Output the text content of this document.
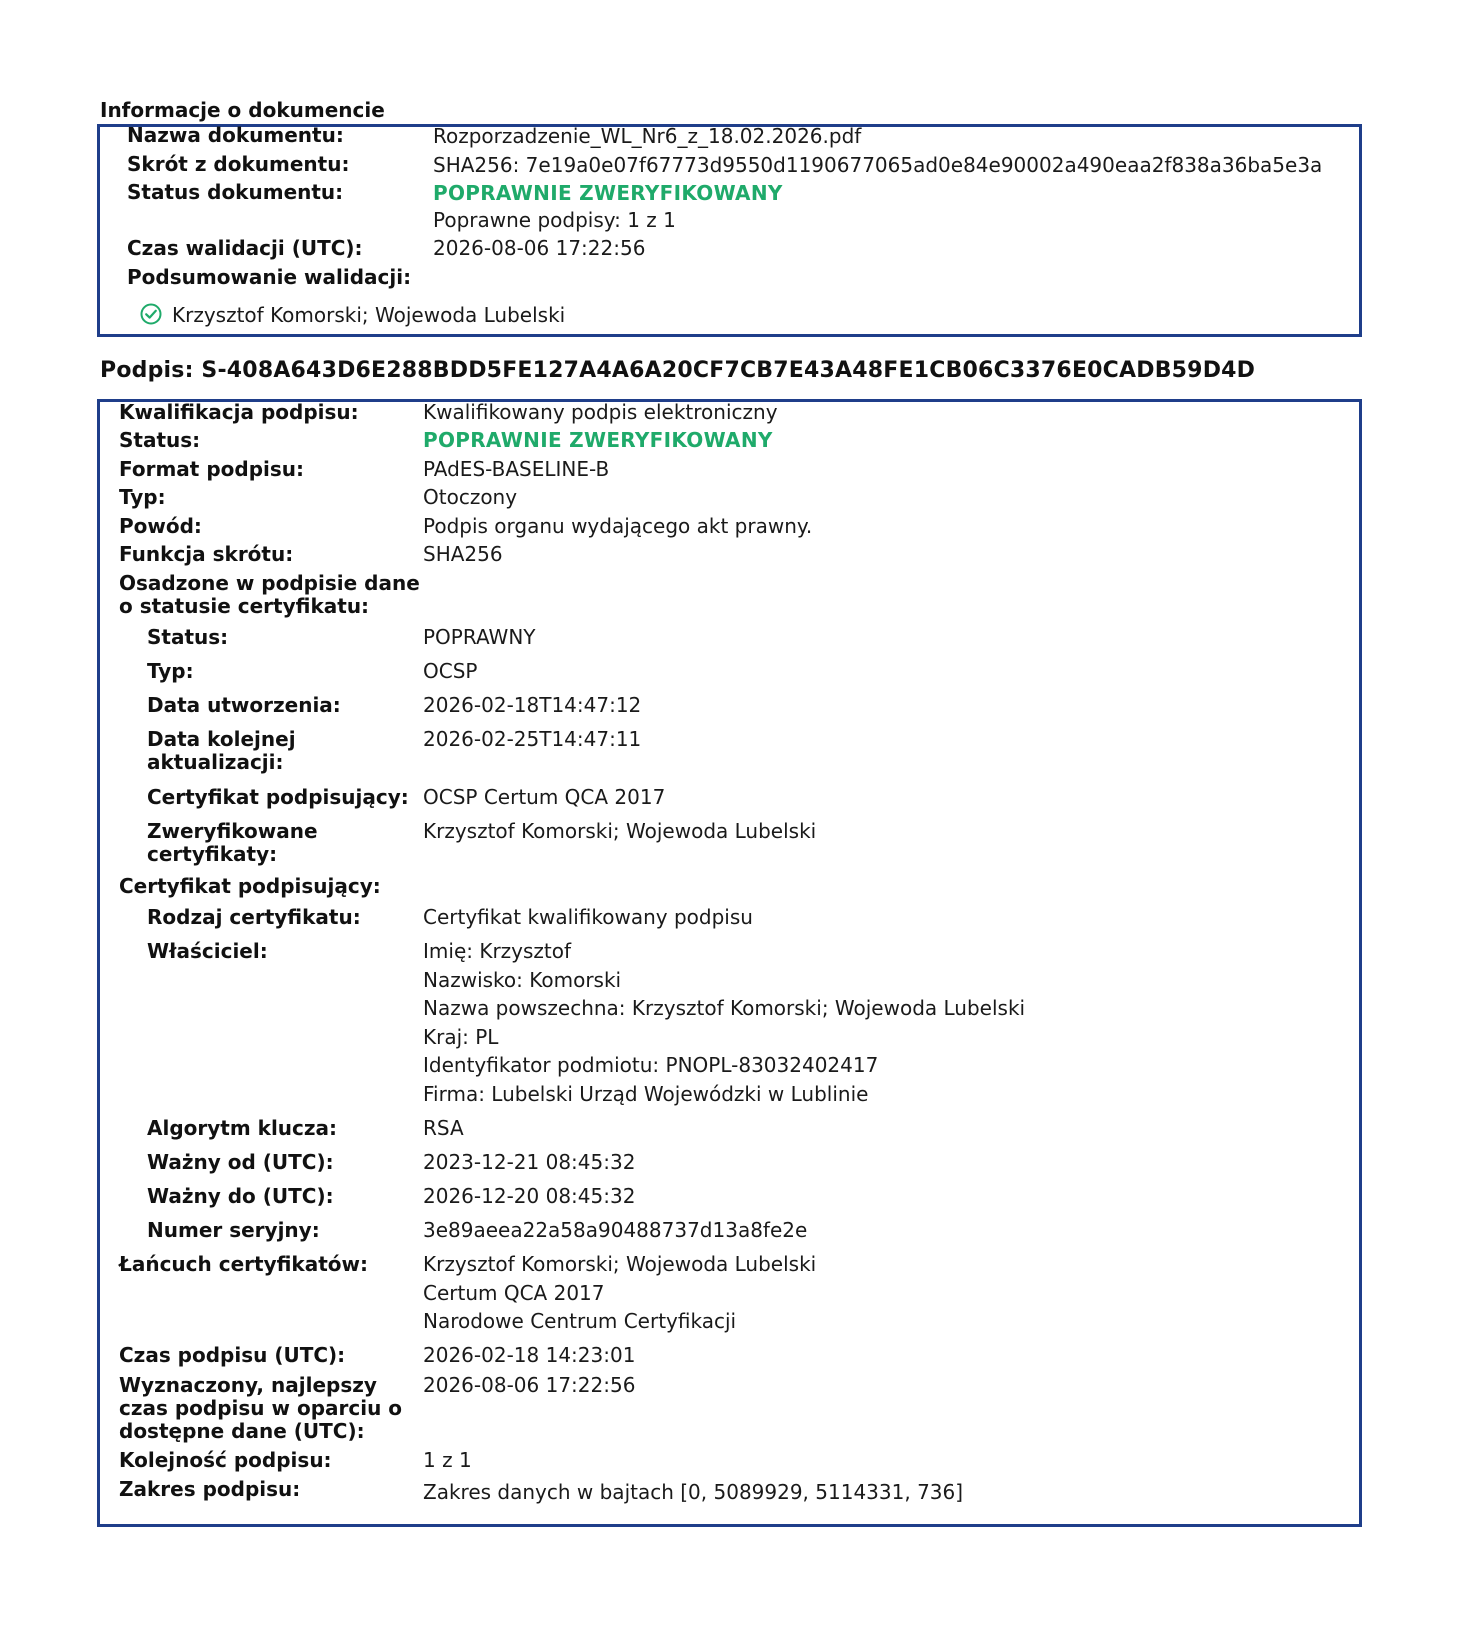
Informacje o dokumencie
Nazwa dokumentu:	Rozporzadzenie_WL_Nr6_z_18.02.2026.pdf
Skrót z dokumentu:	SHA256: 7e19a0e07f67773d9550d1190677065ad0e84e90002a490eaa2f838a36ba5e3a
Status dokumentu:	POPRAWNIE ZWERYFIKOWANY
Poprawne podpisy: 1 z 1
Czas walidacji (UTC):	2026-08-06 17:22:56
Podsumowanie walidacji:
Krzysztof Komorski; Wojewoda Lubelski
Podpis: S-408A643D6E288BDD5FE127A4A6A20CF7CB7E43A48FE1CB06C3376E0CADB59D4D
Kwalifikacja podpisu:	Kwalifikowany podpis elektroniczny
Status:	POPRAWNIE ZWERYFIKOWANY
Format podpisu:	PAdES-BASELINE-B
Typ:	Otoczony
Powód:	Podpis organu wydającego akt prawny.
Funkcja skrótu:	SHA256
Osadzone w podpisie dane
o statusie certyfikatu:
Status:	POPRAWNY
Typ:	OCSP
Data utworzenia:	2026-02-18T14:47:12
Data kolejnej
aktualizacji:
2026-02-25T14:47:11
Certyfikat podpisujący: OCSP Certum QCA 2017
Zweryfikowane
certyfikaty:
Krzysztof Komorski; Wojewoda Lubelski
Certyfikat podpisujący:
Rodzaj certyfikatu:	Certyfikat kwalifikowany podpisu
Właściciel:	Imię: Krzysztof
Nazwisko: Komorski
Nazwa powszechna: Krzysztof Komorski; Wojewoda Lubelski
Kraj: PL
Identyfikator podmiotu: PNOPL-83032402417
Firma: Lubelski Urząd Wojewódzki w Lublinie
Algorytm klucza:	RSA
Ważny od (UTC):	2023-12-21 08:45:32
Ważny do (UTC):	2026-12-20 08:45:32
Numer seryjny:	3e89aeea22a58a90488737d13a8fe2e
Łańcuch certyfikatów:	Krzysztof Komorski; Wojewoda Lubelski
Certum QCA 2017
Narodowe Centrum Certyfikacji
Czas podpisu (UTC):	2026-02-18 14:23:01
Wyznaczony, najlepszy
czas podpisu w oparciu o
dostępne dane (UTC):
2026-08-06 17:22:56
Kolejność podpisu:	1 z 1
Zakres podpisu:	Zakres danych w bajtach [0, 5089929, 5114331, 736]
